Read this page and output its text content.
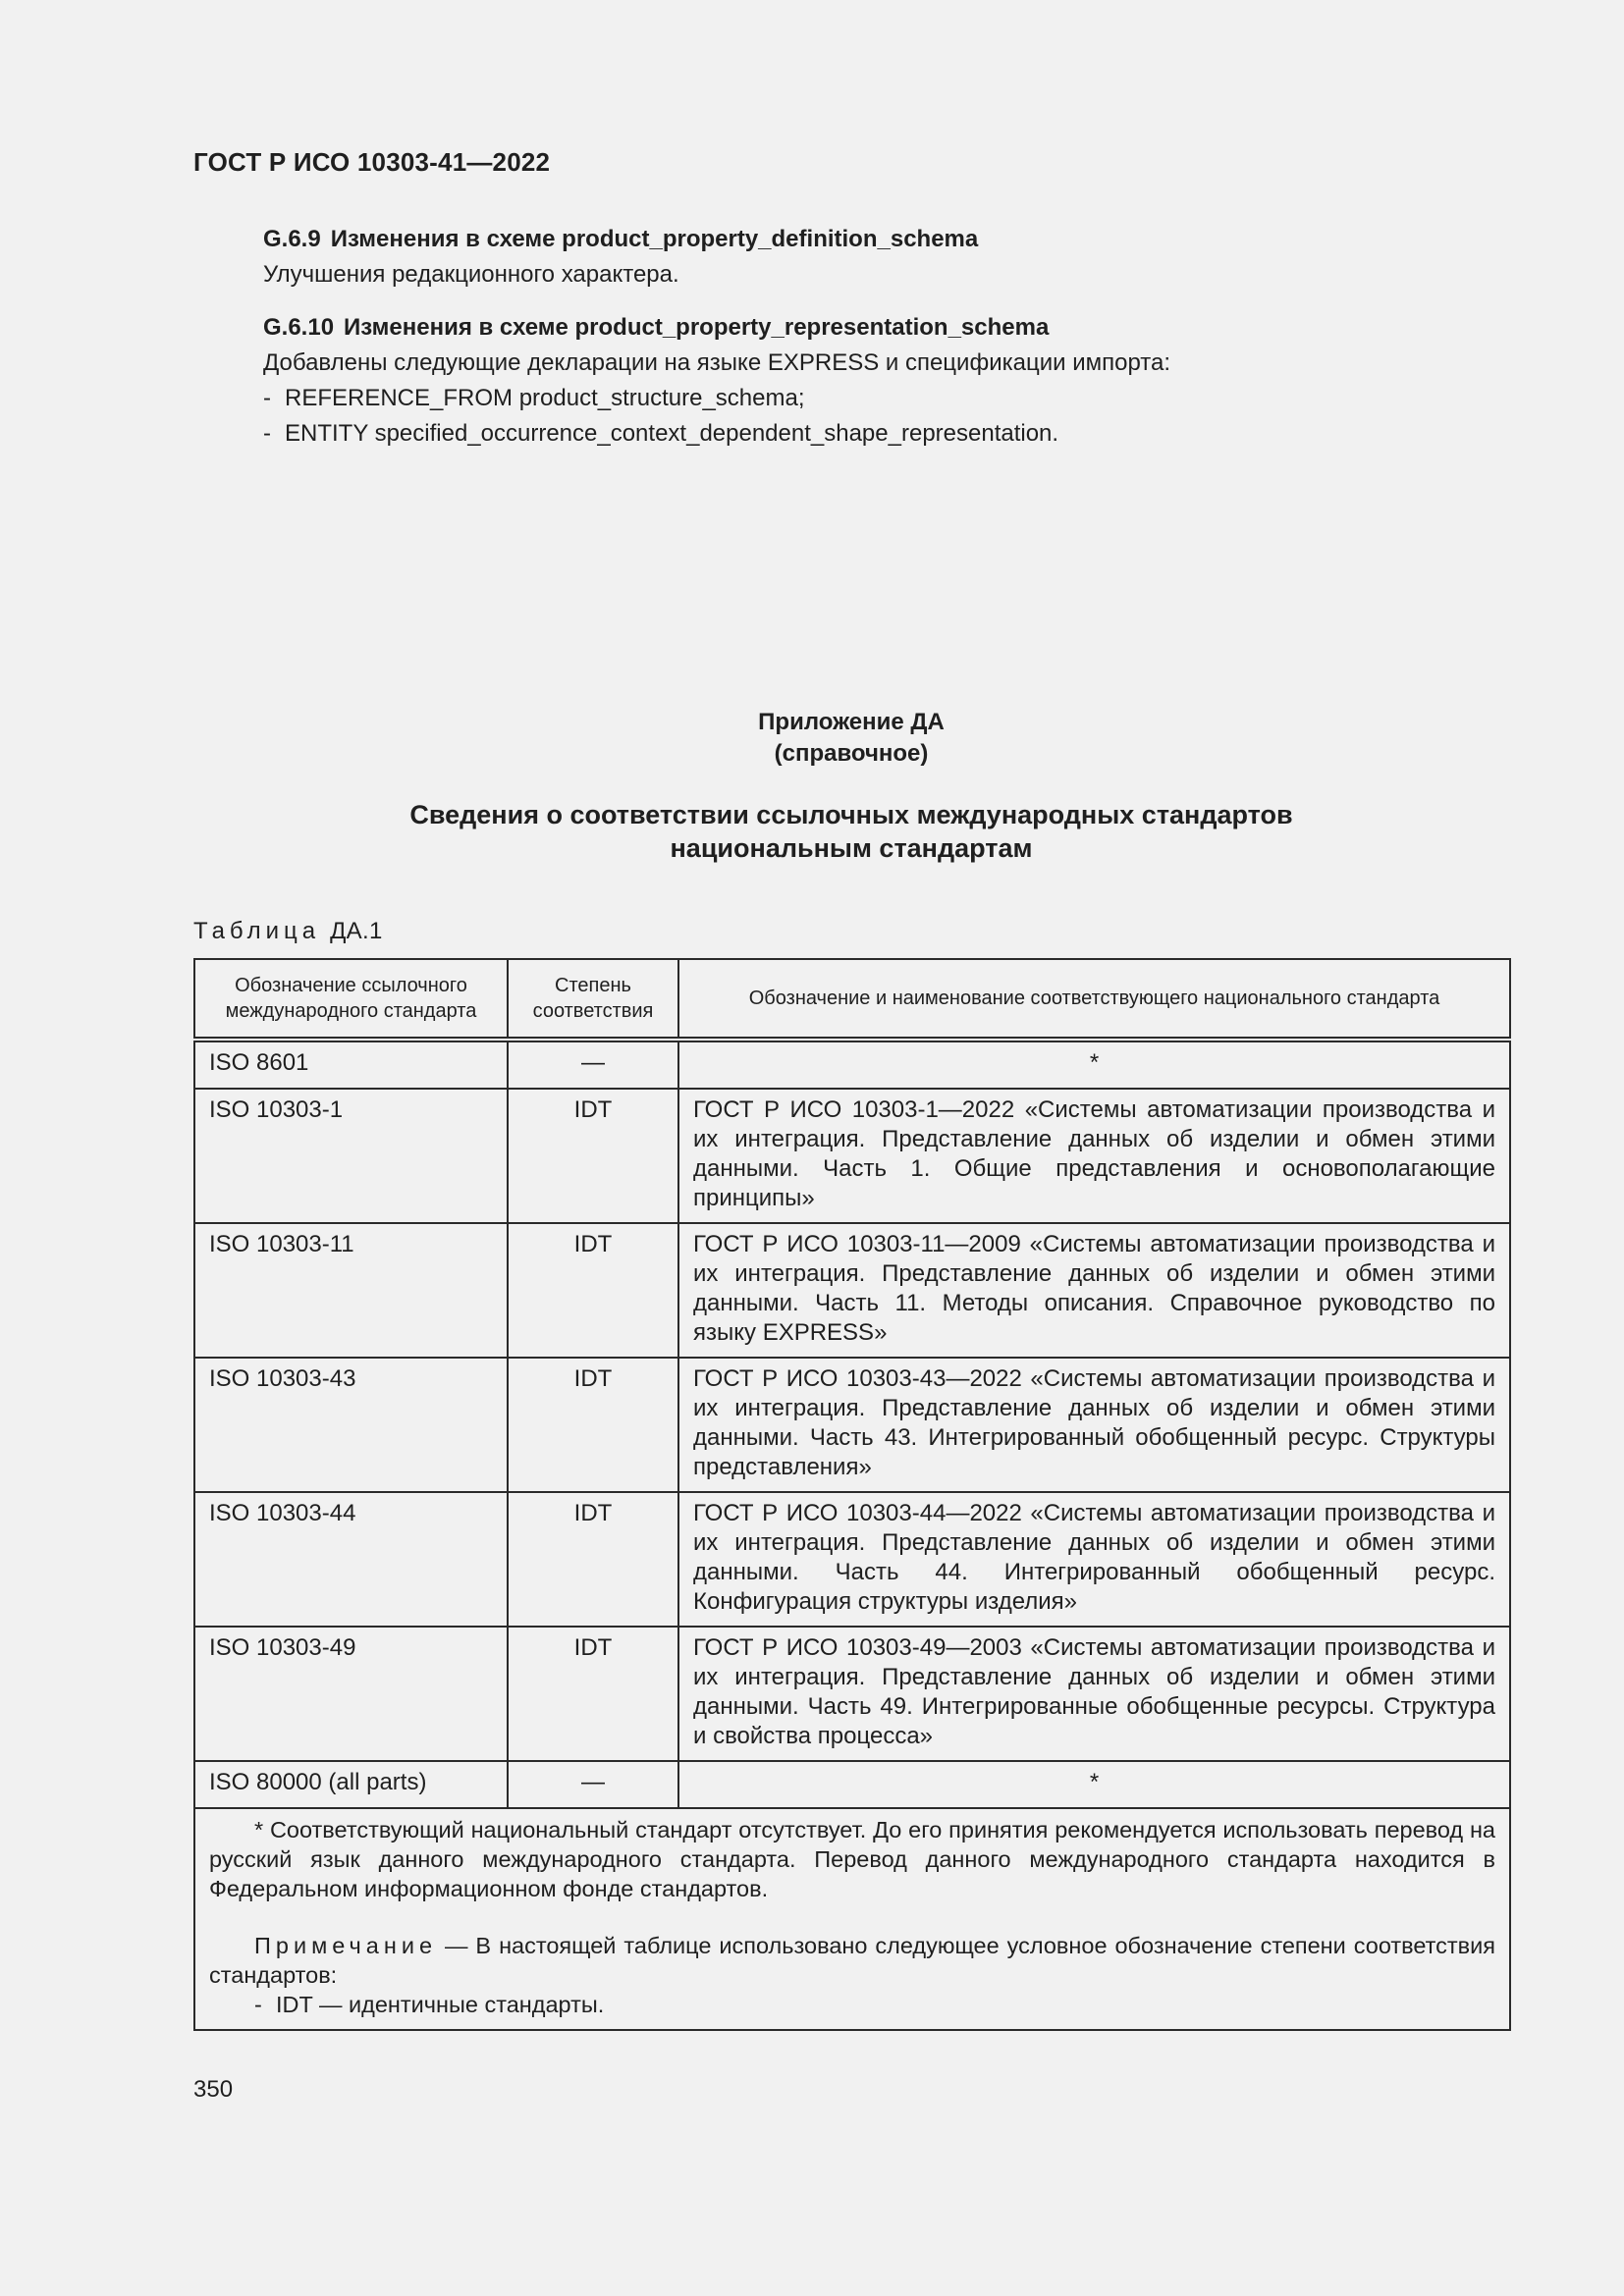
ГОСТ Р ИСО 10303-41—2022
G.6.9 Изменения в схеме product_property_definition_schema
Улучшения редакционного характера.
G.6.10 Изменения в схеме product_property_representation_schema
Добавлены следующие декларации на языке EXPRESS и спецификации импорта:
- REFERENCE_FROM product_structure_schema;
- ENTITY specified_occurrence_context_dependent_shape_representation.
Приложение ДА
(справочное)
Сведения о соответствии ссылочных международных стандартов
национальным стандартам
Таблица ДА.1
Обозначение ссылочного международного стандарта	Степень соответствия	Обозначение и наименование соответствующего национального стандарта
ISO 8601	—	*
ISO 10303-1	IDT	ГОСТ Р ИСО 10303-1—2022 «Системы автоматизации производства и их интеграция. Представление данных об изделии и обмен этими данными. Часть 1. Общие представления и основополагающие принципы»
ISO 10303-11	IDT	ГОСТ Р ИСО 10303-11—2009 «Системы автоматизации производства и их интеграция. Представление данных об изделии и обмен этими данными. Часть 11. Методы описания. Справочное руководство по языку EXPRESS»
ISO 10303-43	IDT	ГОСТ Р ИСО 10303-43—2022 «Системы автоматизации производства и их интеграция. Представление данных об изделии и обмен этими данными. Часть 43. Интегрированный обобщенный ресурс. Структуры представления»
ISO 10303-44	IDT	ГОСТ Р ИСО 10303-44—2022 «Системы автоматизации производства и их интеграция. Представление данных об изделии и обмен этими данными. Часть 44. Интегрированный обобщенный ресурс. Конфигурация структуры изделия»
ISO 10303-49	IDT	ГОСТ Р ИСО 10303-49—2003 «Системы автоматизации производства и их интеграция. Представление данных об изделии и обмен этими данными. Часть 49. Интегрированные обобщенные ресурсы. Структура и свойства процесса»
ISO 80000 (all parts)	—	*

* Соответствующий национальный стандарт отсутствует. До его принятия рекомендуется использовать перевод на русский язык данного международного стандарта. Перевод данного международного стандарта находится в Федеральном информационном фонде стандартов.
Примечание — В настоящей таблице использовано следующее условное обозначение степени соответствия стандартов:
- IDT — идентичные стандарты.		
350
